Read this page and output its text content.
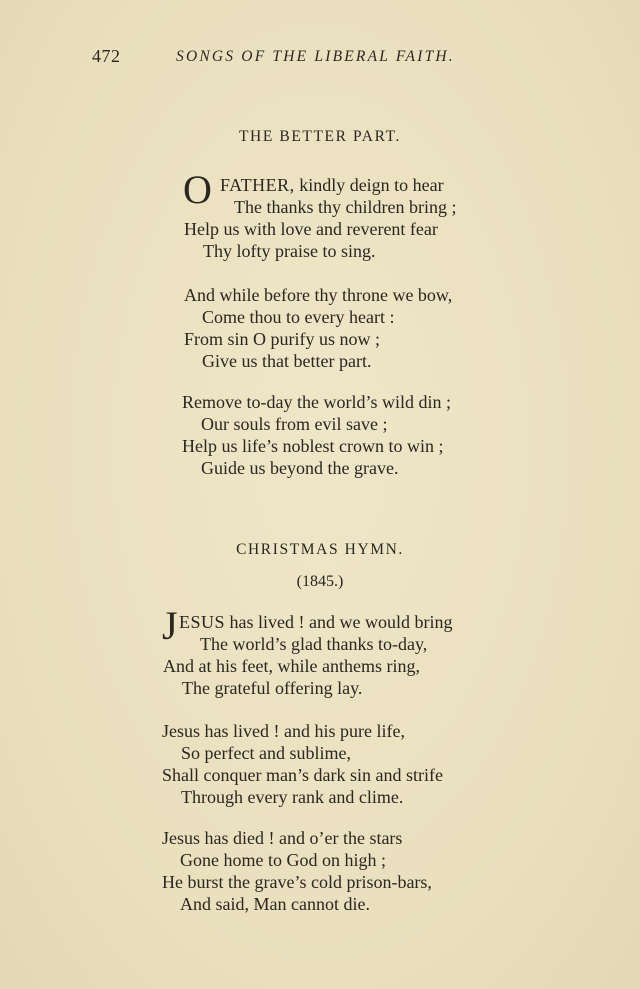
472	SONGS OF THE LIBERAL FAITH.
THE BETTER PART.
O FATHER, kindly deign to hear
The thanks thy children bring ;
Help us with love and reverent fear
Thy lofty praise to sing.
And while before thy throne we bow,
Come thou to every heart :
From sin O purify us now ;
Give us that better part.
Remove to-day the world’s wild din ;
Our souls from evil save ;
Help us life’s noblest crown to win ;
Guide us beyond the grave.
CHRISTMAS HYMN.
(1845.)
J ESUS has lived ! and we would bring
The world’s glad thanks to-day,
And at his feet, while anthems ring,
The grateful offering lay.
Jesus has lived ! and his pure life,
So perfect and sublime,
Shall conquer man’s dark sin and strife
Through every rank and clime.
Jesus has died ! and o’er the stars
Gone home to God on high ;
He burst the grave’s cold prison-bars,
And said, Man cannot die.
